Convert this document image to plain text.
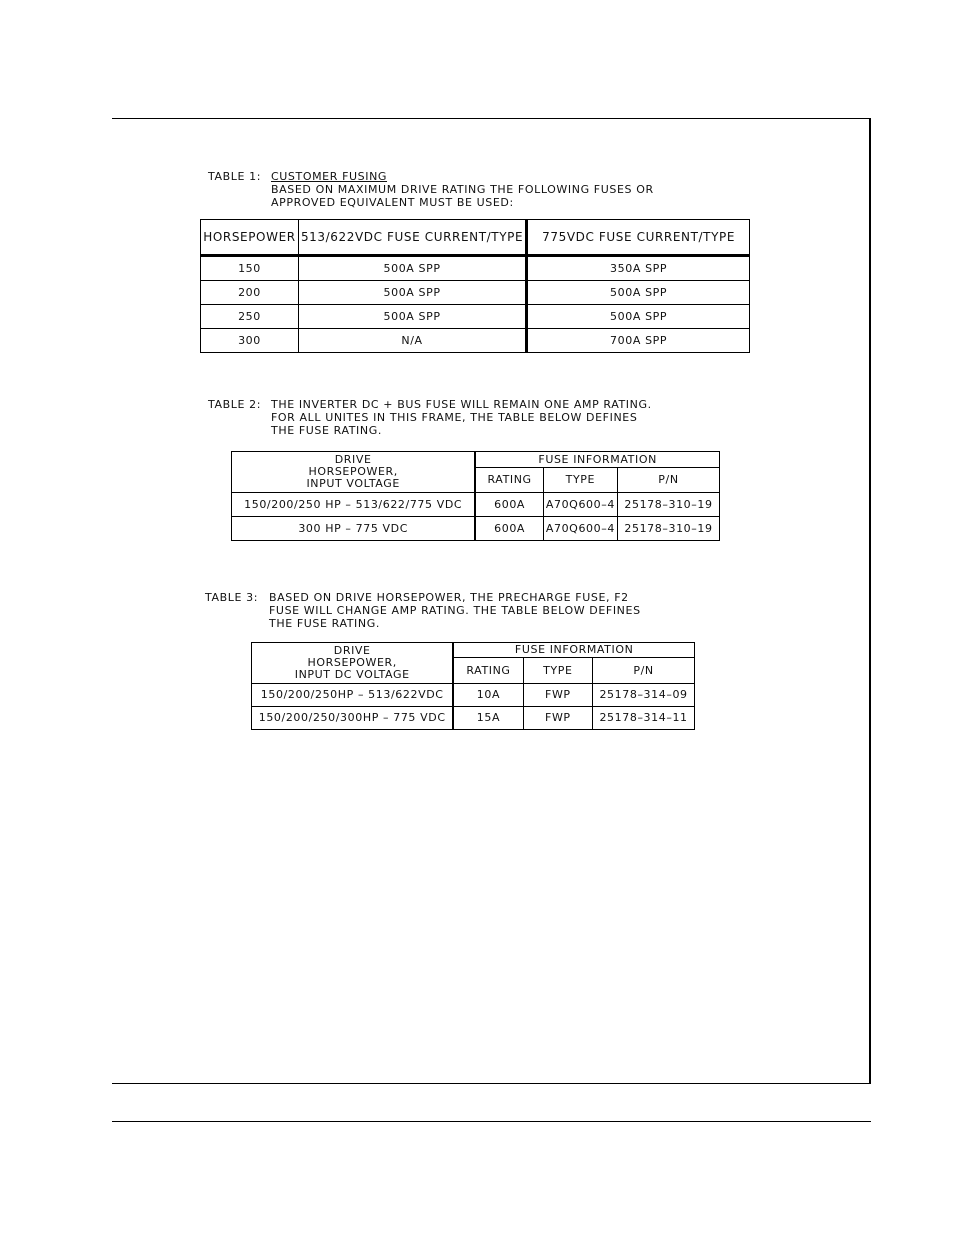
TABLE 1: CUSTOMER FUSING
BASED ON MAXIMUM DRIVE RATING THE FOLLOWING FUSES OR
APPROVED EQUIVALENT MUST BE USED:
HORSEPOWER	513/622VDC FUSE CURRENT/TYPE	775VDC FUSE CURRENT/TYPE
150	500A SPP	350A SPP
200	500A SPP	500A SPP
250	500A SPP	500A SPP
300	N/A	700A SPP
TABLE 2: THE INVERTER DC + BUS FUSE WILL REMAIN ONE AMP RATING.
FOR ALL UNITES IN THIS FRAME, THE TABLE BELOW DEFINES
THE FUSE RATING.
DRIVE
HORSEPOWER,
INPUT VOLTAGE	FUSE INFORMATION		
	RATING	TYPE	P/N
150/200/250 HP – 513/622/775 VDC	600A	A70Q600–4	25178–310–19
300 HP – 775 VDC	600A	A70Q600–4	25178–310–19
TABLE 3: BASED ON DRIVE HORSEPOWER, THE PRECHARGE FUSE, F2
FUSE WILL CHANGE AMP RATING. THE TABLE BELOW DEFINES
THE FUSE RATING.
DRIVE
HORSEPOWER,
INPUT DC VOLTAGE	FUSE INFORMATION		
	RATING	TYPE	P/N
150/200/250HP – 513/622VDC	10A	FWP	25178–314–09
150/200/250/300HP – 775 VDC	15A	FWP	25178–314–11
